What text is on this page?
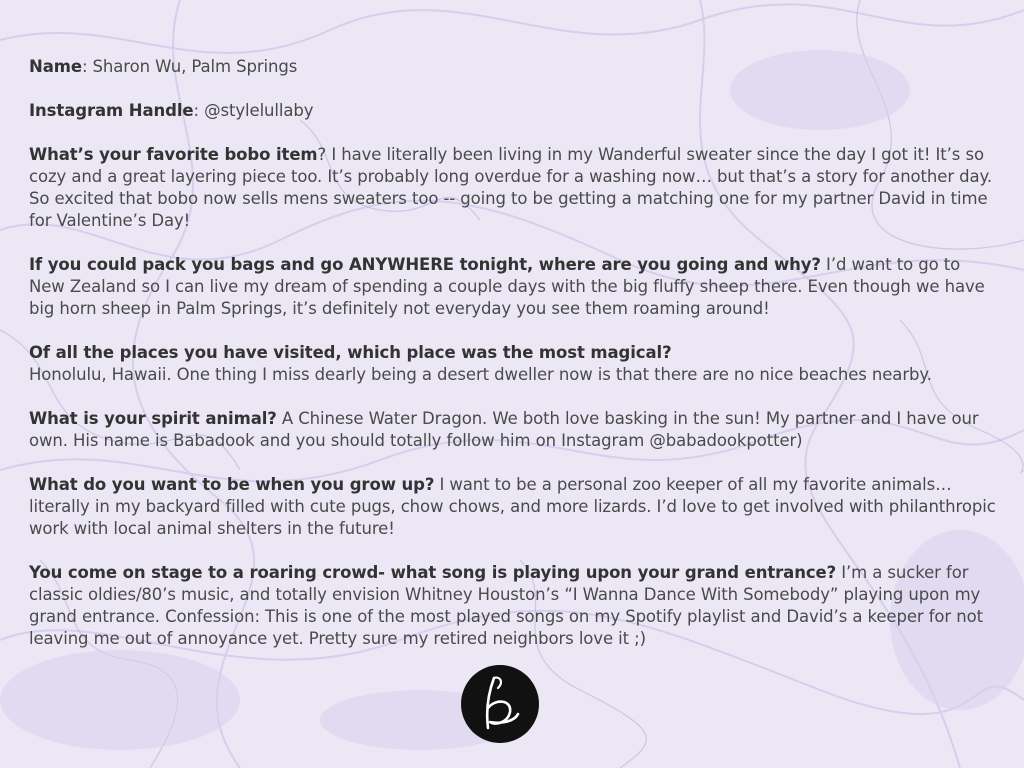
Name: Sharon Wu, Palm Springs

Instagram Handle: @stylelullaby

What’s your favorite bobo item? I have literally been living in my Wanderful sweater since the day I got it! It’s so cozy and a great layering piece too. It’s probably long overdue for a washing now… but that’s a story for another day. So excited that bobo now sells mens sweaters too -- going to be getting a matching one for my partner David in time for Valentine’s Day!

If you could pack you bags and go ANYWHERE tonight, where are you going and why? I’d want to go to New Zealand so I can live my dream of spending a couple days with the big fluffy sheep there. Even though we have big horn sheep in Palm Springs, it’s definitely not everyday you see them roaming around!

Of all the places you have visited, which place was the most magical?
Honolulu, Hawaii. One thing I miss dearly being a desert dweller now is that there are no nice beaches nearby.

What is your spirit animal? A Chinese Water Dragon. We both love basking in the sun! My partner and I have our own. His name is Babadook and you should totally follow him on Instagram @babadookpotter)

What do you want to be when you grow up? I want to be a personal zoo keeper of all my favorite animals… literally in my backyard filled with cute pugs, chow chows, and more lizards. I’d love to get involved with philanthropic work with local animal shelters in the future!

You come on stage to a roaring crowd- what song is playing upon your grand entrance? I’m a sucker for classic oldies/80’s music, and totally envision Whitney Houston’s “I Wanna Dance With Somebody” playing upon my grand entrance. Confession: This is one of the most played songs on my Spotify playlist and David’s a keeper for not leaving me out of annoyance yet. Pretty sure my retired neighbors love it ;)
